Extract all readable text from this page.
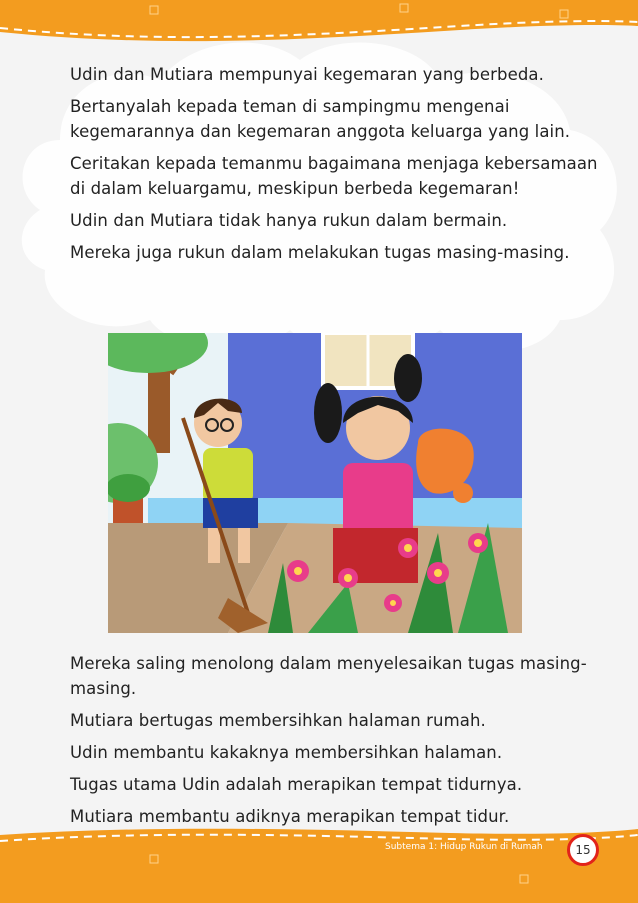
Udin dan Mutiara mempunyai kegemaran yang berbeda.

Bertanyalah kepada teman di sampingmu mengenai kegemarannya dan kegemaran anggota keluarga yang lain.

Ceritakan kepada temanmu bagaimana menjaga kebersamaan di dalam keluargamu, meskipun berbeda kegemaran!

Udin dan Mutiara tidak hanya rukun dalam bermain.

Mereka juga rukun dalam melakukan tugas masing-masing.

Mereka saling menolong dalam menyelesaikan tugas masing-masing.

Mutiara bertugas membersihkan halaman rumah.

Udin membantu kakaknya membersihkan halaman.

Tugas utama Udin adalah merapikan tempat tidurnya.

Mutiara membantu adiknya merapikan tempat tidur.

Subtema 1: Hidup Rukun di Rumah	15
